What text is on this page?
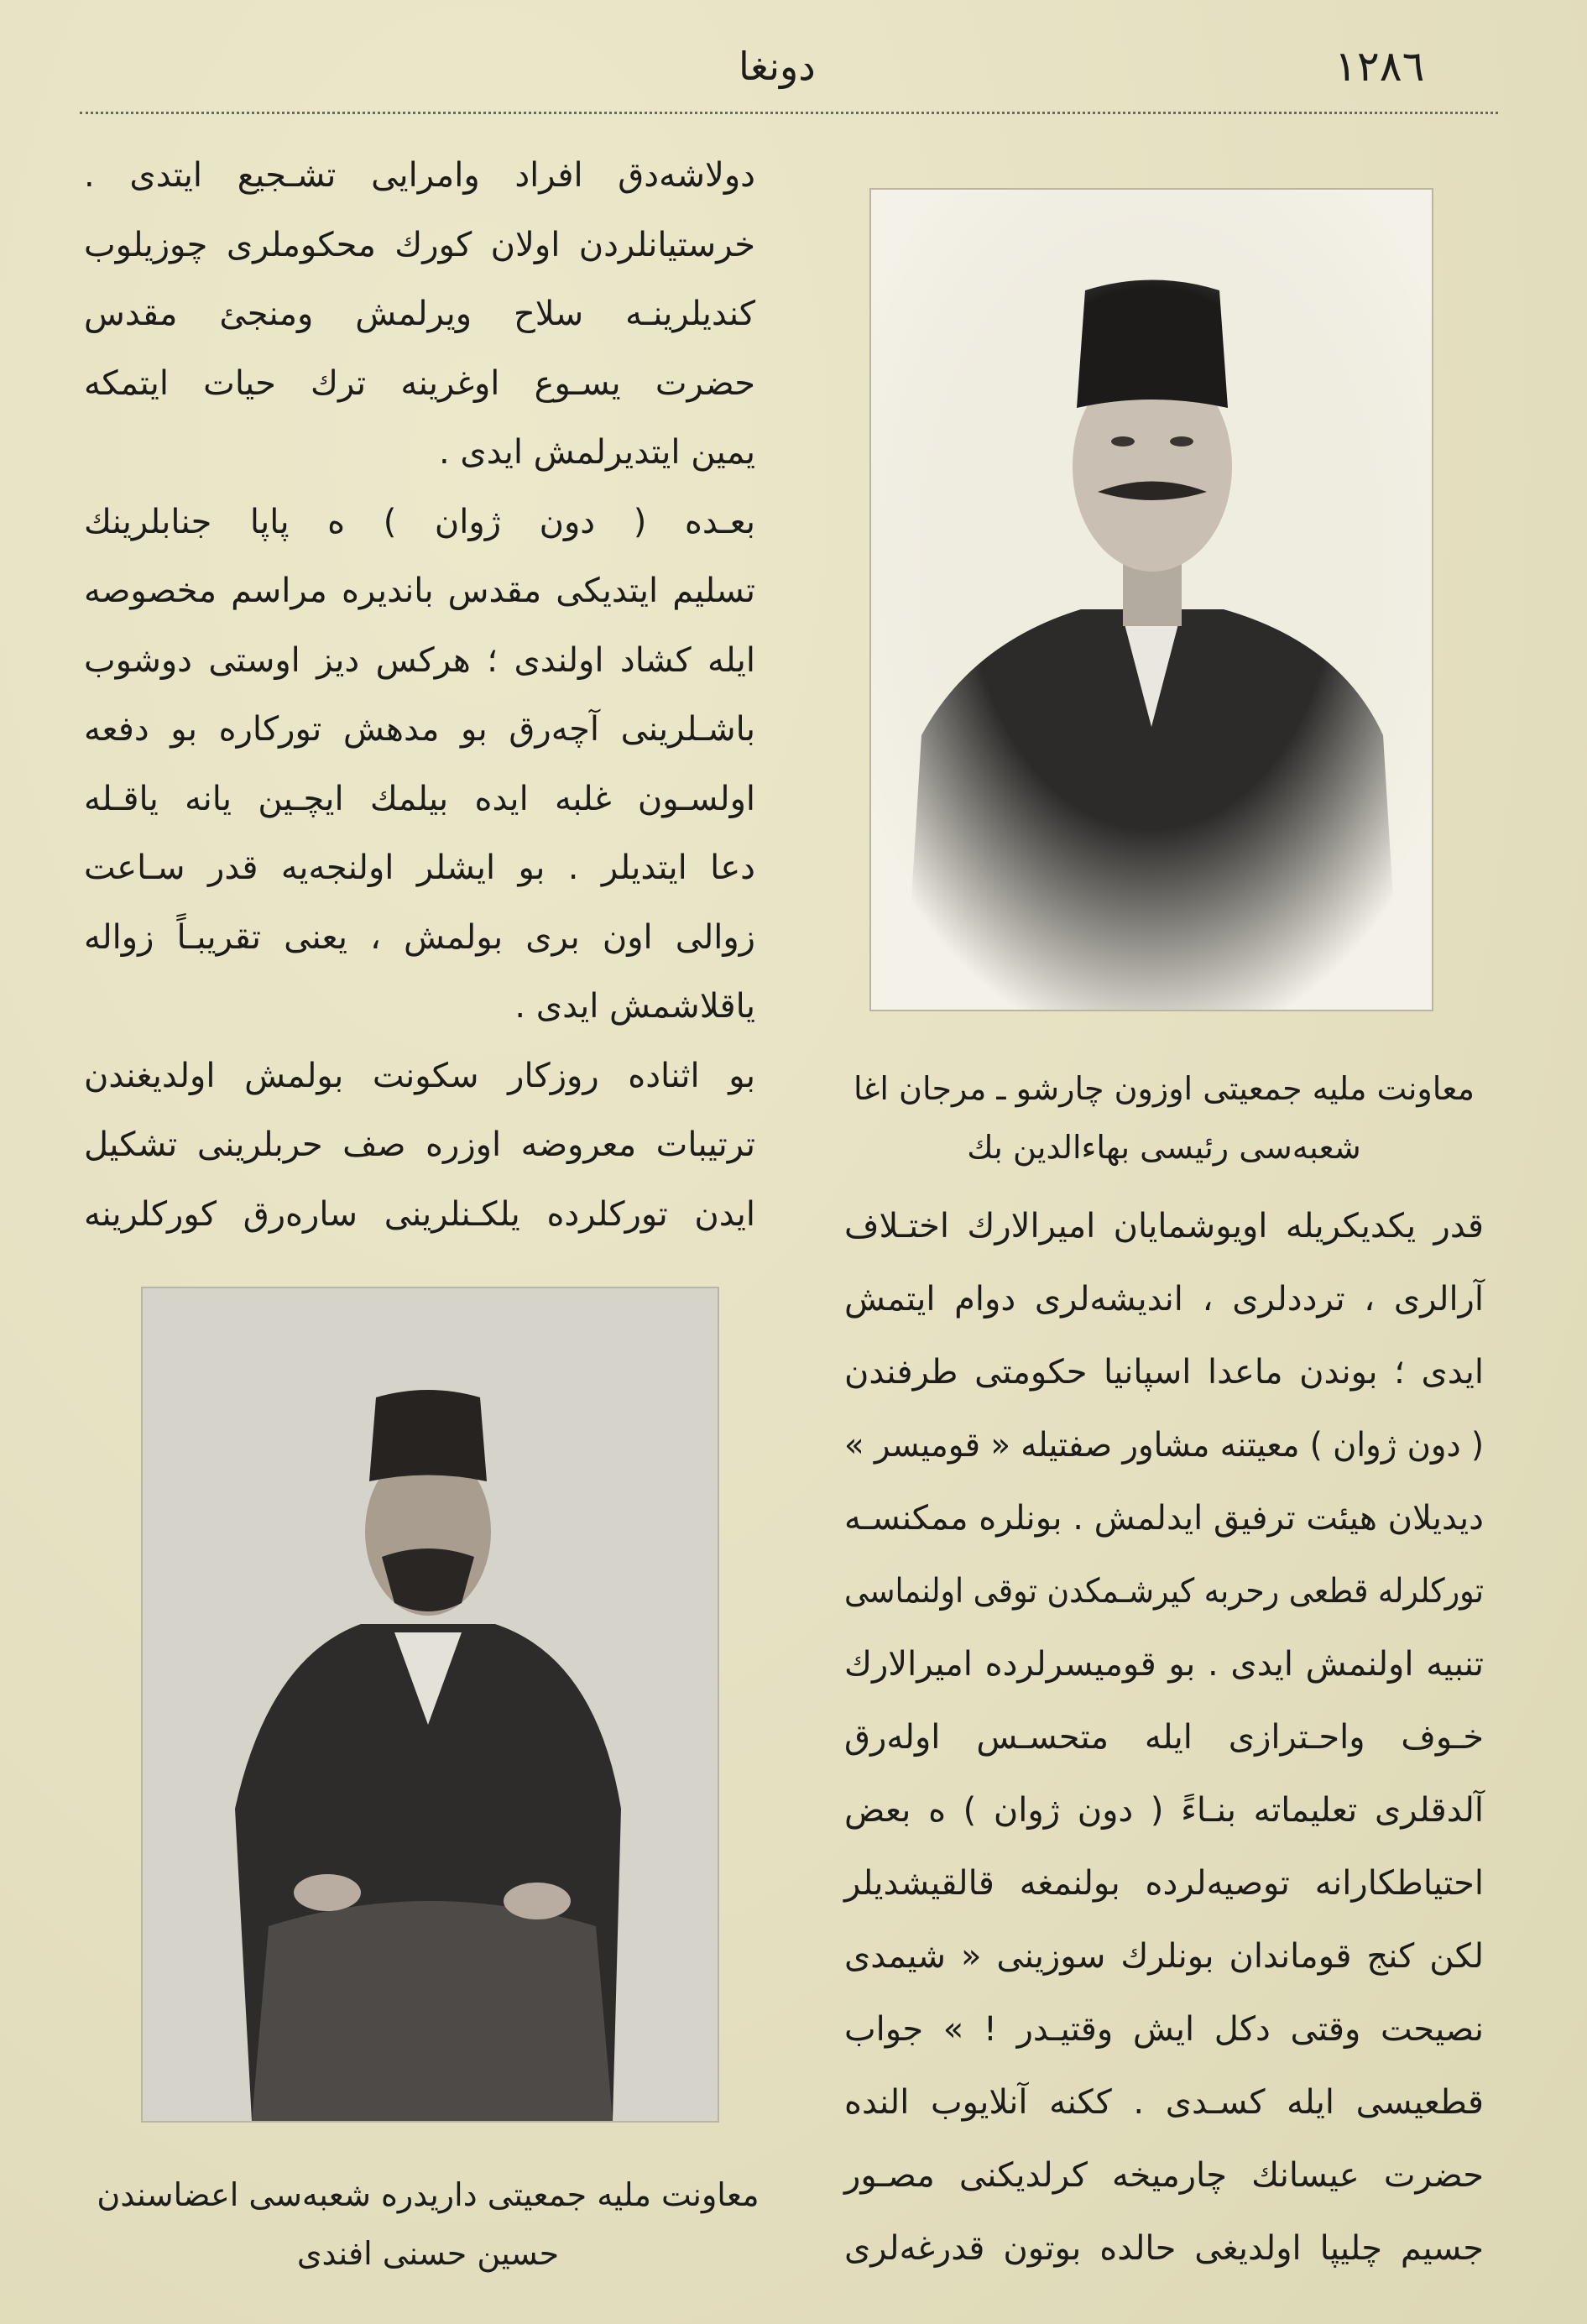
١٢٨٦
دونغا
دولاشه‌دق افراد وامرايى تشـجيع ايتدى .
خرستيانلردن اولان كورك محكوملرى چوزيلوب
كنديلرينـه سلاح ويرلمش ومنجئ مقدس
حضرت يسـوع اوغرينه ترك حيات ايتمكه
يمين ايتديرلمش ايدى .
بعـده ( دون ژوان ) ه پاپا جنابلرينك
تسليم ايتديكى مقدس بانديره مراسم مخصوصه
ايله كشاد اولندى ؛ هركس ديز اوستى دوشوب
باشـلرينى آچه‌رق بو مدهش توركاره بو دفعه
اولسـون غلبه ايده بيلمك ايچـين يانه ياقـله
دعا ايتديلر . بو ايشلر اولنجه‌يه قدر سـاعت
زوالى اون برى بولمش ، يعنى تقريبـاً زواله
ياقلاشمش ايدى .
بو اثناده روزكار سكونت بولمش اولديغندن
ترتيبات معروضه اوزره صف حربلرينى تشكيل
ايدن توركلرده يلكـنلرينى ساره‌رق كوركلرينه
معاونت مليه جمعيتى اوزون چارشو ـ مرجان اغا
شعبه‌سى رئيسى بهاءالدين بك
قدر يكديكريله اويوشمايان اميرالارك اختـلاف
آرالرى ، ترددلرى ، انديشه‌لرى دوام ايتمش
ايدى ؛ بوندن ماعدا اسپانيا حكومتى طرفندن
( دون ژوان ) معيتنه مشاور صفتيله « قوميسر »
ديديلان هيئت ترفيق ايدلمش . بونلره ممكنسـه
توركلرله قطعى رحربه كيرشـمكدن توقى اولنماسى
تنبيه اولنمش ايدى . بو قوميسرلرده اميرالارك
خـوف واحـترازى ايله متحسـس اوله‌رق
آلدقلرى تعليماته بنـاءً ( دون ژوان ) ه بعض
احتياطكارانه توصيه‌لرده بولنمغه قالقيشديلر
لكن كنج قوماندان بونلرك سوزينى « شيمدى
نصيحت وقتى دكل ايش وقتيـدر ! » جواب
قطعيسى ايله كسـدى . ككنه آنلايوب النده
حضرت عيسانك چارميخه كرلديكنى مصـور
جسيم چليپا اولديغى حالده بوتون قدرغه‌لرى
معاونت مليه جمعيتى داريدره شعبه‌سى اعضاسندن
حسين حسنى افندى
